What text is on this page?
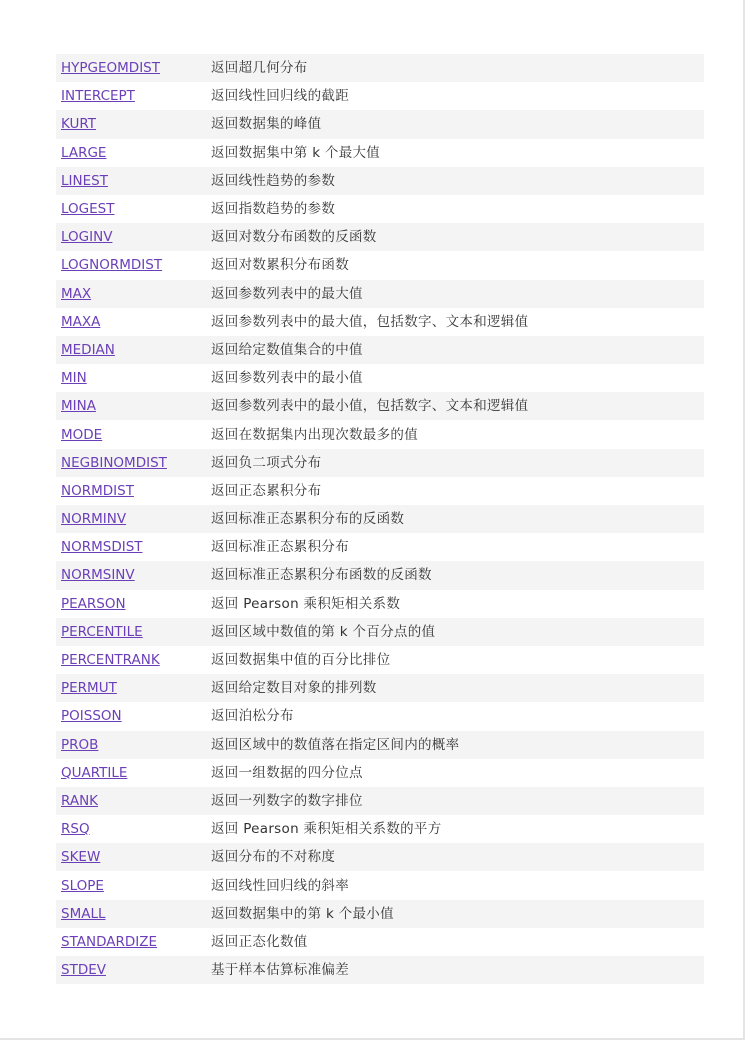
HYPGEOMDIST	返回超几何分布
INTERCEPT	返回线性回归线的截距
KURT	返回数据集的峰值
LARGE	返回数据集中第 k 个最大值
LINEST	返回线性趋势的参数
LOGEST	返回指数趋势的参数
LOGINV	返回对数分布函数的反函数
LOGNORMDIST	返回对数累积分布函数
MAX	返回参数列表中的最大值
MAXA	返回参数列表中的最大值，包括数字、文本和逻辑值
MEDIAN	返回给定数值集合的中值
MIN	返回参数列表中的最小值
MINA	返回参数列表中的最小值，包括数字、文本和逻辑值
MODE	返回在数据集内出现次数最多的值
NEGBINOMDIST	返回负二项式分布
NORMDIST	返回正态累积分布
NORMINV	返回标准正态累积分布的反函数
NORMSDIST	返回标准正态累积分布
NORMSINV	返回标准正态累积分布函数的反函数
PEARSON	返回 Pearson 乘积矩相关系数
PERCENTILE	返回区域中数值的第 k 个百分点的值
PERCENTRANK	返回数据集中值的百分比排位
PERMUT	返回给定数目对象的排列数
POISSON	返回泊松分布
PROB	返回区域中的数值落在指定区间内的概率
QUARTILE	返回一组数据的四分位点
RANK	返回一列数字的数字排位
RSQ	返回 Pearson 乘积矩相关系数的平方
SKEW	返回分布的不对称度
SLOPE	返回线性回归线的斜率
SMALL	返回数据集中的第 k 个最小值
STANDARDIZE	返回正态化数值
STDEV	基于样本估算标准偏差
